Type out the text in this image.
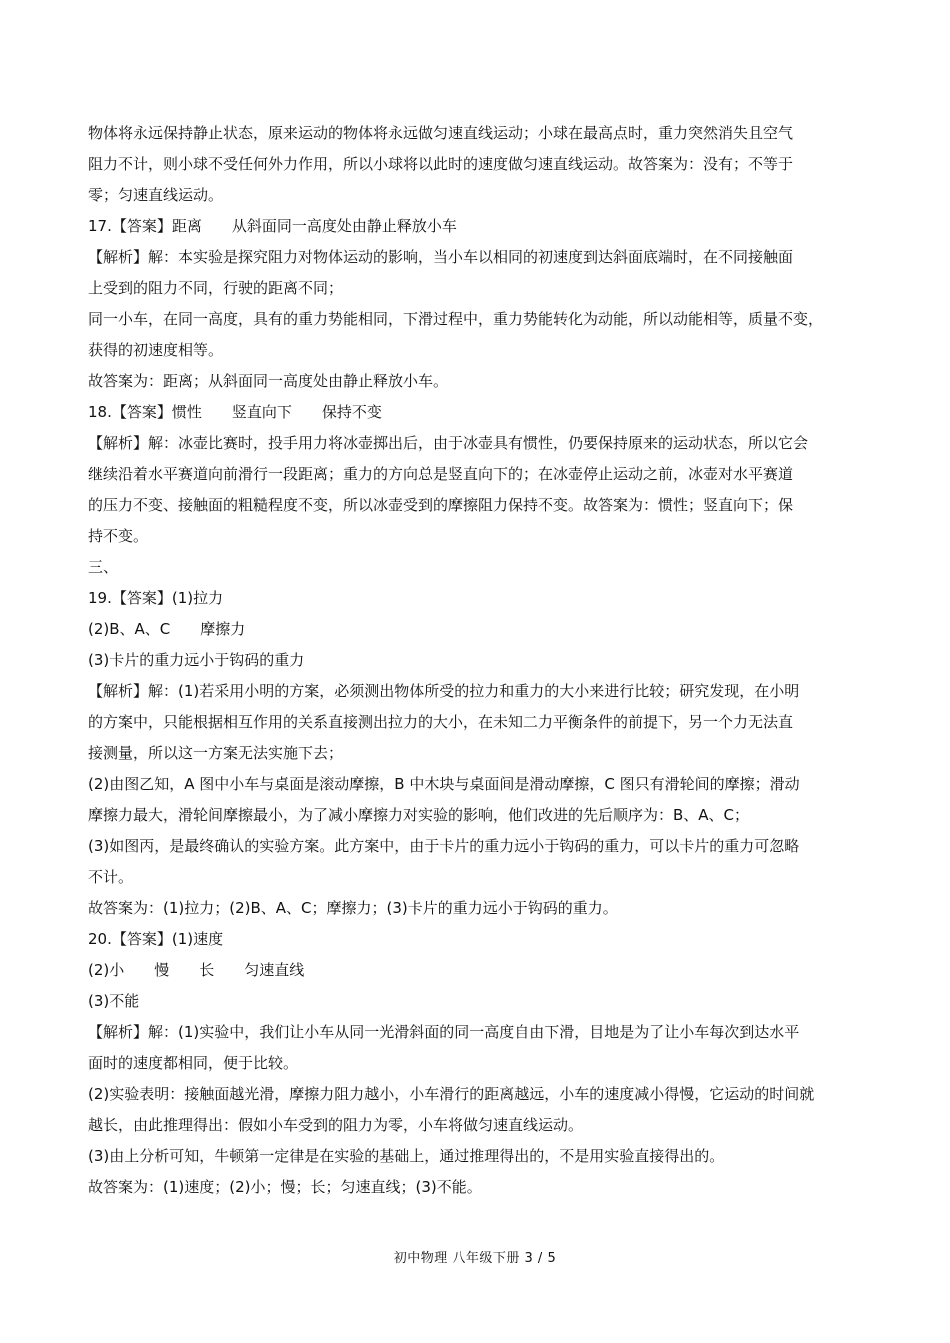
物体将永远保持静止状态，原来运动的物体将永远做匀速直线运动；小球在最高点时，重力突然消失且空气
阻力不计，则小球不受任何外力作用，所以小球将以此时的速度做匀速直线运动。故答案为：没有；不等于
零；匀速直线运动。
17.【答案】距离　　从斜面同一高度处由静止释放小车
【解析】解：本实验是探究阻力对物体运动的影响，当小车以相同的初速度到达斜面底端时，在不同接触面
上受到的阻力不同，行驶的距离不同；
同一小车，在同一高度，具有的重力势能相同，下滑过程中，重力势能转化为动能，所以动能相等，质量不变，
获得的初速度相等。
故答案为：距离；从斜面同一高度处由静止释放小车。
18.【答案】惯性　　竖直向下　　保持不变
【解析】解：冰壶比赛时，投手用力将冰壶掷出后，由于冰壶具有惯性，仍要保持原来的运动状态，所以它会
继续沿着水平赛道向前滑行一段距离；重力的方向总是竖直向下的；在冰壶停止运动之前，冰壶对水平赛道
的压力不变、接触面的粗糙程度不变，所以冰壶受到的摩擦阻力保持不变。故答案为：惯性；竖直向下；保
持不变。
三、
19.【答案】(1)拉力
(2)B、A、C　　摩擦力
(3)卡片的重力远小于钩码的重力
【解析】解：(1)若采用小明的方案，必须测出物体所受的拉力和重力的大小来进行比较；研究发现，在小明
的方案中，只能根据相互作用的关系直接测出拉力的大小，在未知二力平衡条件的前提下，另一个力无法直
接测量，所以这一方案无法实施下去；
(2)由图乙知，A 图中小车与桌面是滚动摩擦，B 中木块与桌面间是滑动摩擦，C 图只有滑轮间的摩擦；滑动
摩擦力最大，滑轮间摩擦最小，为了减小摩擦力对实验的影响，他们改进的先后顺序为：B、A、C；
(3)如图丙，是最终确认的实验方案。此方案中，由于卡片的重力远小于钩码的重力，可以卡片的重力可忽略
不计。
故答案为：(1)拉力；(2)B、A、C；摩擦力；(3)卡片的重力远小于钩码的重力。
20.【答案】(1)速度
(2)小　　慢　　长　　匀速直线
(3)不能
【解析】解：(1)实验中，我们让小车从同一光滑斜面的同一高度自由下滑，目地是为了让小车每次到达水平
面时的速度都相同，便于比较。
(2)实验表明：接触面越光滑，摩擦力阻力越小，小车滑行的距离越远，小车的速度减小得慢，它运动的时间就
越长，由此推理得出：假如小车受到的阻力为零，小车将做匀速直线运动。
(3)由上分析可知，牛顿第一定律是在实验的基础上，通过推理得出的，不是用实验直接得出的。
故答案为：(1)速度；(2)小；慢；长；匀速直线；(3)不能。
初中物理 八年级下册 3 / 5
